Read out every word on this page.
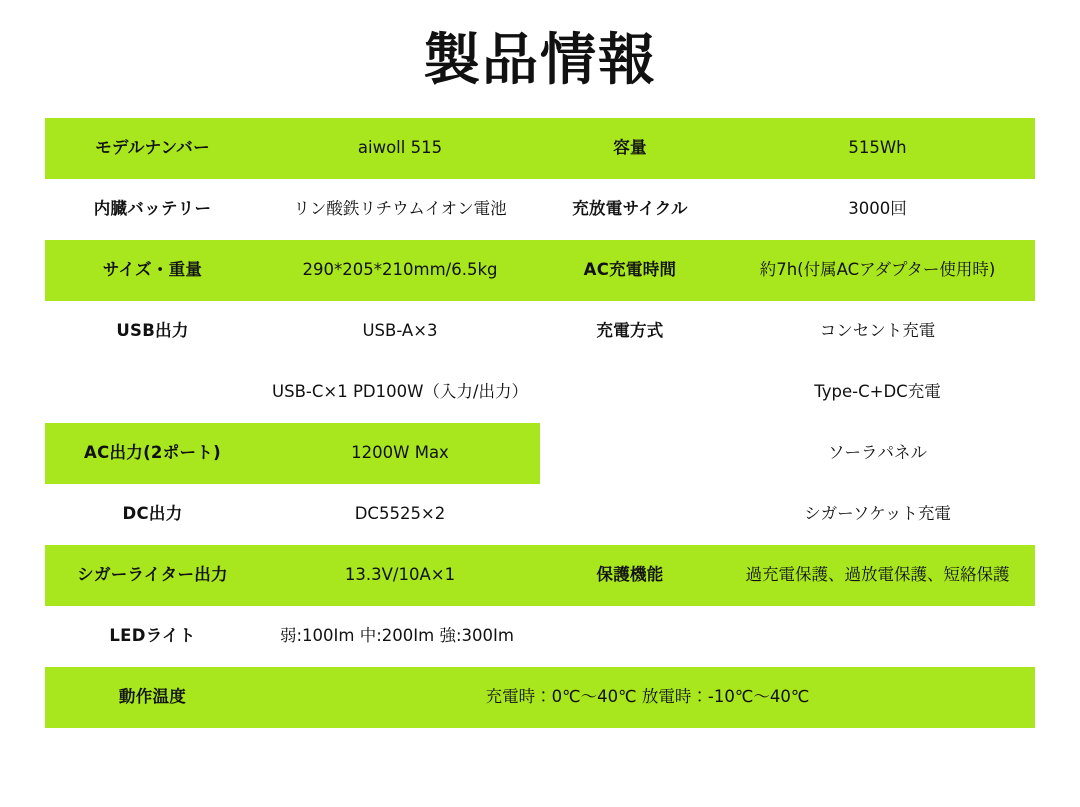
製品情報
モデルナンバー	aiwoll 515	容量	515Wh
内臓バッテリー	リン酸鉄リチウムイオン電池	充放電サイクル	3000回
サイズ・重量	290*205*210mm/6.5kg	AC充電時間	約7h(付属ACアダプター使用時)
USB出力	USB-A×3	充電方式	コンセント充電
	USB-C×1 PD100W（入力/出力）		Type-C+DC充電
AC出力(2ポート)	1200W Max		ソーラパネル
DC出力	DC5525×2		シガーソケット充電
シガーライター出力	13.3V/10A×1	保護機能	過充電保護、過放電保護、短絡保護
LEDライト	弱:100Im 中:200Im 強:300Im		
動作温度	充電時：0℃〜40℃ 放電時：-10℃〜40℃		
